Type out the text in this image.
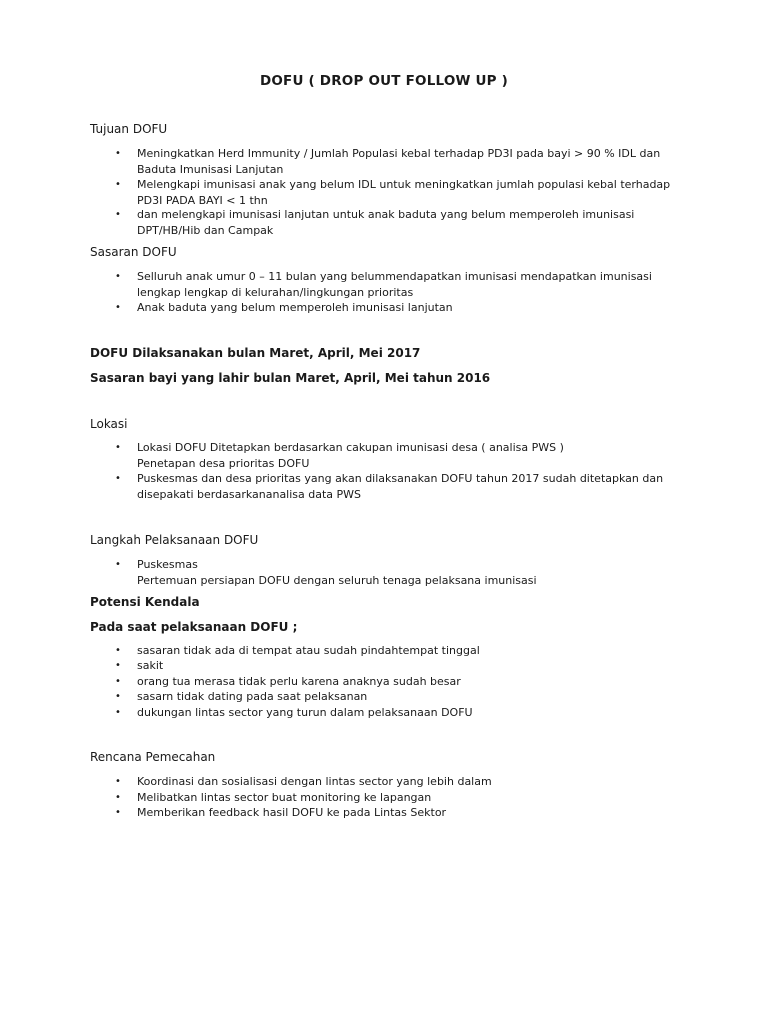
DOFU ( DROP OUT FOLLOW UP )
Tujuan DOFU
• Meningkatkan Herd Immunity / Jumlah Populasi kebal terhadap PD3I pada bayi > 90 % IDL dan
Baduta Imunisasi Lanjutan
• Melengkapi imunisasi anak yang belum IDL untuk meningkatkan jumlah populasi kebal terhadap
PD3I PADA BAYI < 1 thn
• dan melengkapi imunisasi lanjutan untuk anak baduta yang belum memperoleh imunisasi
DPT/HB/Hib dan Campak
Sasaran DOFU
• Selluruh anak umur 0 – 11 bulan yang belummendapatkan imunisasi mendapatkan imunisasi
lengkap lengkap di kelurahan/lingkungan prioritas
• Anak baduta yang belum memperoleh imunisasi lanjutan
DOFU Dilaksanakan bulan Maret, April, Mei 2017
Sasaran bayi yang lahir bulan Maret, April, Mei tahun 2016
Lokasi
• Lokasi DOFU Ditetapkan berdasarkan cakupan imunisasi desa ( analisa PWS )
Penetapan desa prioritas DOFU
• Puskesmas dan desa prioritas yang akan dilaksanakan DOFU tahun 2017 sudah ditetapkan dan
disepakati berdasarkananalisa data PWS
Langkah Pelaksanaan DOFU
• Puskesmas
Pertemuan persiapan DOFU dengan seluruh tenaga pelaksana imunisasi
Potensi Kendala
Pada saat pelaksanaan DOFU ;
• sasaran tidak ada di tempat atau sudah pindahtempat tinggal
• sakit
• orang tua merasa tidak perlu karena anaknya sudah besar
• sasarn tidak dating pada saat pelaksanan
• dukungan lintas sector yang turun dalam pelaksanaan DOFU
Rencana Pemecahan
• Koordinasi dan sosialisasi dengan lintas sector yang lebih dalam
• Melibatkan lintas sector buat monitoring ke lapangan
• Memberikan feedback hasil DOFU ke pada Lintas Sektor
